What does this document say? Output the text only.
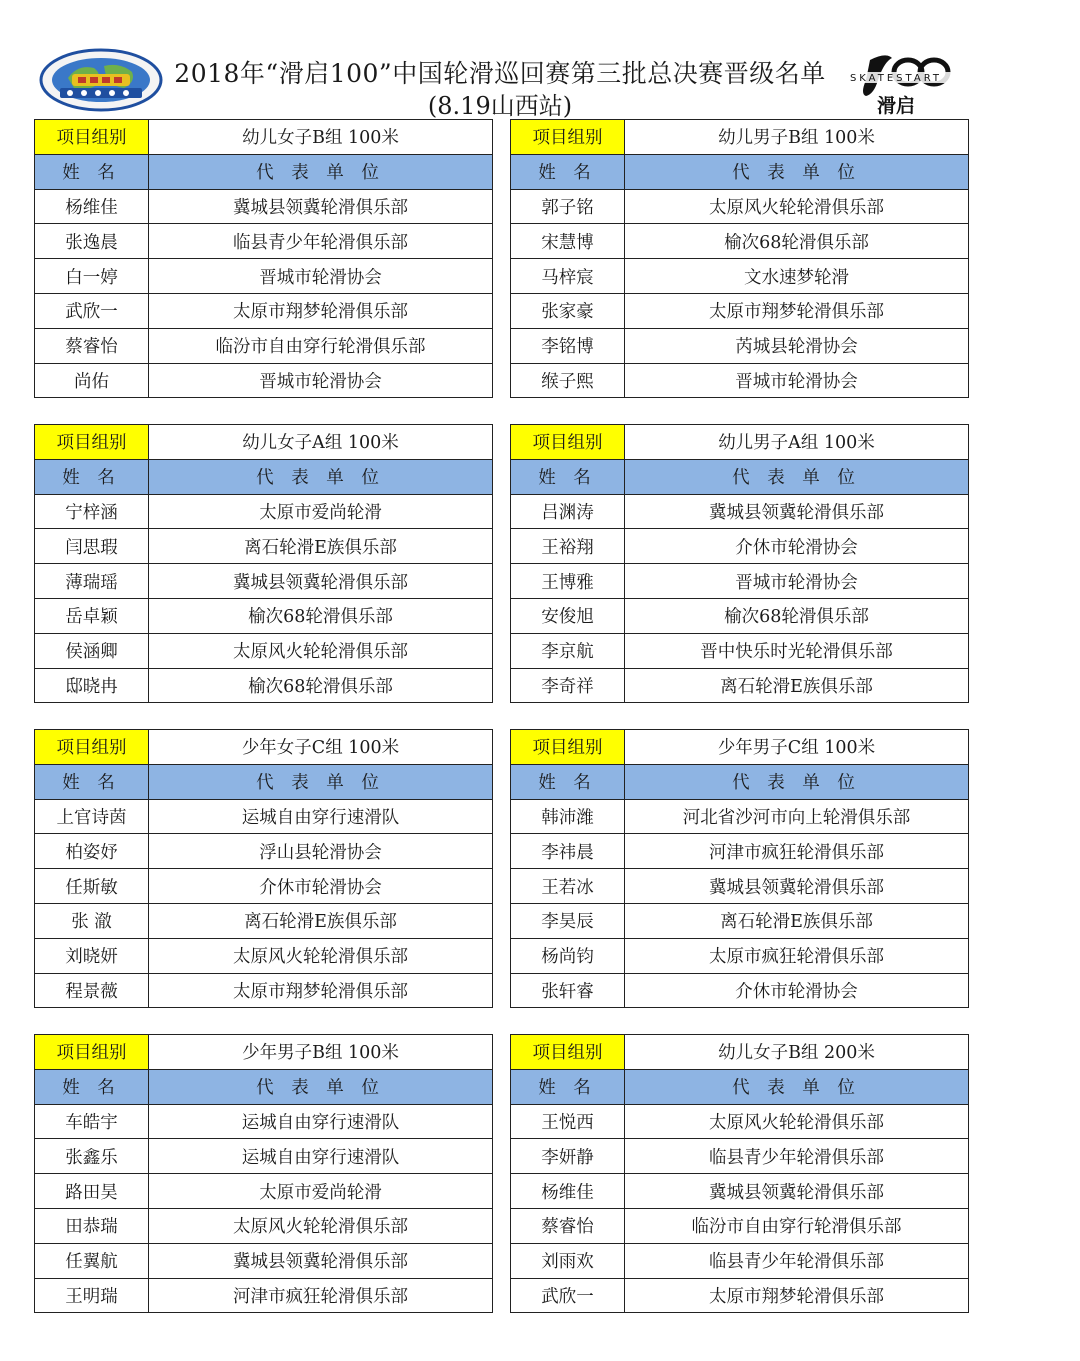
2018年“滑启100”中国轮滑巡回赛第三批总决赛晋级名单
(8.19山西站)
SKATESTART
滑启
项目组别	幼儿女子B组 100米
姓 名	代 表 单 位
杨维佳	冀城县领冀轮滑俱乐部
张逸晨	临县青少年轮滑俱乐部
白一婷	晋城市轮滑协会
武欣一	太原市翔梦轮滑俱乐部
蔡睿怡	临汾市自由穿行轮滑俱乐部
尚佑	晋城市轮滑协会
项目组别	幼儿男子B组 100米
姓 名	代 表 单 位
郭子铭	太原风火轮轮滑俱乐部
宋慧博	榆次68轮滑俱乐部
马梓宸	文水速梦轮滑
张家豪	太原市翔梦轮滑俱乐部
李铭博	芮城县轮滑协会
缑子熙	晋城市轮滑协会
项目组别	幼儿女子A组 100米
姓 名	代 表 单 位
宁梓涵	太原市爱尚轮滑
闫思瑕	离石轮滑E族俱乐部
薄瑞瑶	冀城县领冀轮滑俱乐部
岳卓颖	榆次68轮滑俱乐部
侯涵卿	太原风火轮轮滑俱乐部
邸晓冉	榆次68轮滑俱乐部
项目组别	幼儿男子A组 100米
姓 名	代 表 单 位
吕渊涛	冀城县领冀轮滑俱乐部
王裕翔	介休市轮滑协会
王博雅	晋城市轮滑协会
安俊旭	榆次68轮滑俱乐部
李京航	晋中快乐时光轮滑俱乐部
李奇祥	离石轮滑E族俱乐部
项目组别	少年女子C组 100米
姓 名	代 表 单 位
上官诗茵	运城自由穿行速滑队
柏姿妤	浮山县轮滑协会
任斯敏	介休市轮滑协会
张 澈	离石轮滑E族俱乐部
刘晓妍	太原风火轮轮滑俱乐部
程景薇	太原市翔梦轮滑俱乐部
项目组别	少年男子C组 100米
姓 名	代 表 单 位
韩沛潍	河北省沙河市向上轮滑俱乐部
李祎晨	河津市疯狂轮滑俱乐部
王若冰	冀城县领冀轮滑俱乐部
李昊辰	离石轮滑E族俱乐部
杨尚钧	太原市疯狂轮滑俱乐部
张轩睿	介休市轮滑协会
项目组别	少年男子B组 100米
姓 名	代 表 单 位
车皓宇	运城自由穿行速滑队
张鑫乐	运城自由穿行速滑队
路田昊	太原市爱尚轮滑
田恭瑞	太原风火轮轮滑俱乐部
任翼航	冀城县领冀轮滑俱乐部
王明瑞	河津市疯狂轮滑俱乐部
项目组别	幼儿女子B组 200米
姓 名	代 表 单 位
王悦西	太原风火轮轮滑俱乐部
李妍静	临县青少年轮滑俱乐部
杨维佳	冀城县领冀轮滑俱乐部
蔡睿怡	临汾市自由穿行轮滑俱乐部
刘雨欢	临县青少年轮滑俱乐部
武欣一	太原市翔梦轮滑俱乐部
